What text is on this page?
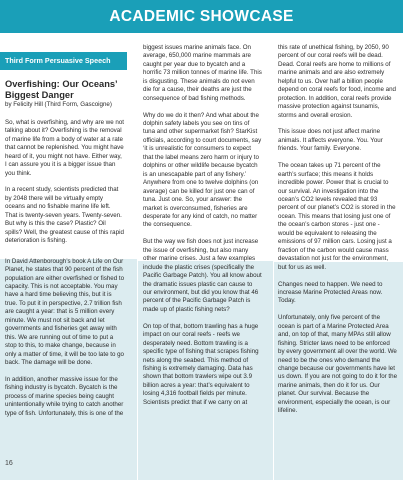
ACADEMIC SHOWCASE
Third Form Persuasive Speech
Overfishing: Our Oceans’ Biggest Danger
by Felicity Hill (Third Form, Gascoigne)

So, what is overfishing, and why are we not talking about it? Overfishing is the removal of marine life from a body of water at a rate that cannot be replenished. You might have heard of it, you might not have. Either way, I can assure you it is a bigger issue than you think.

In a recent study, scientists predicted that by 2048 there will be virtually empty oceans and no fishable marine life left. That is twenty-seven years. Twenty-seven. But why is this the case? Plastic? Oil spills? Well, the greatest cause of this rapid deterioration is fishing.

In David Attenborough’s book A Life on Our Planet, he states that 90 percent of the fish population are either overfished or fished to capacity. This is not acceptable. You may have a hard time believing this, but it is true. To put it in perspective, 2.7 trillion fish are caught a year: that is 5 million every minute. We must not sit back and let governments and fisheries get away with this. We are running out of time to put a stop to this, to make change, because in only a matter of time, it will be too late to go back. The damage will be done.

In addition, another massive issue for the fishing industry is bycatch. Bycatch is the process of marine species being caught unintentionally while trying to catch another type of fish. Unfortunately, this is one of the

biggest issues marine animals face. On average, 650,000 marine mammals are caught per year due to bycatch and a horrific 73 million tonnes of marine life. This is disgusting. These animals do not even die for a cause, their deaths are just the consequence of bad fishing methods.

Why do we do it then? And what about the dolphin safety labels you see on tins of tuna and other supermarket fish? StarKist officials, according to court documents, say ‘it is unrealistic for consumers to expect that the label means zero harm or injury to dolphins or other wildlife because bycatch is an unescapable part of any fishery.’ Anywhere from one to twelve dolphins (on average) can be killed for just one can of tuna. Just one. So, your answer: the market is overconsumed, fisheries are desperate for any kind of catch, no matter the consequence.

But the way we fish does not just increase the issue of overfishing, but also many other marine crises. Just a few examples include the plastic crises (specifically the Pacific Garbage Patch). You all know about the dramatic issues plastic can cause to our environment, but did you know that 46 percent of the Pacific Garbage Patch is made up of plastic fishing nets?

On top of that, bottom trawling has a huge impact on our coral reefs - reefs we desperately need. Bottom trawling is a specific type of fishing that scrapes fishing nets along the seabed. This method of fishing is extremely damaging. Data has shown that bottom trawlers wipe out 3.9 billion acres a year: that’s equivalent to losing 4,316 football fields per minute. Scientists predict that if we carry on at

this rate of unethical fishing, by 2050, 90 percent of our coral reefs will be dead. Dead. Coral reefs are home to millions of marine animals and are also extremely helpful to us. Over half a billion people depend on coral reefs for food, income and protection. In addition, coral reefs provide massive protection against tsunamis, storms and overall erosion.

This issue does not just affect marine animals. It affects everyone. You. Your friends. Your family. Everyone.

The ocean takes up 71 percent of the earth’s surface; this means it holds incredible power. Power that is crucial to our survival. An investigation into the ocean’s CO2 levels revealed that 93 percent of our planet’s CO2 is stored in the ocean. This means that losing just one of the ocean’s carbon stores - just one - would be equivalent to releasing the emissions of 97 million cars. Losing just a fraction of the carbon would cause mass devastation not just for the environment, but for us as well.

Changes need to happen. We need to increase Marine Protected Areas now. Today.

Unfortunately, only five percent of the ocean is part of a Marine Protected Area and, on top of that, many MPAs still allow fishing. Stricter laws need to be enforced by every government all over the world. We need to be the ones who demand the change because our governments have let us down. If you are not going to do it for the marine animals, then do it for us. Our planet. Our survival. Because the environment, especially the ocean, is our lifeline.

16
